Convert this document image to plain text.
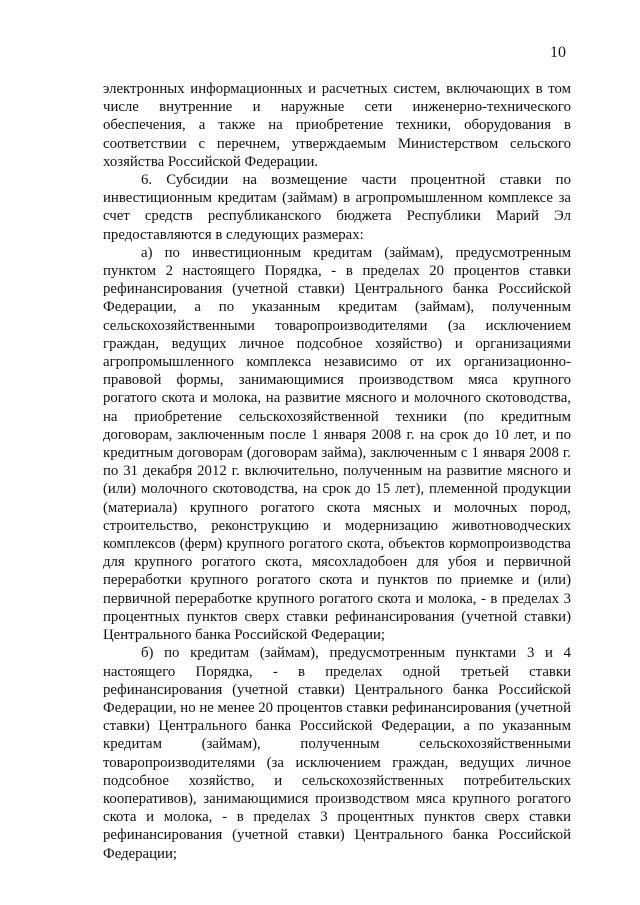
10

электронных информационных и расчетных систем, включающих в том числе внутренние и наружные сети инженерно-технического обеспечения, а также на приобретение техники, оборудования в соответствии с перечнем, утверждаемым Министерством сельского хозяйства Российской Федерации.

6. Субсидии на возмещение части процентной ставки по инвестиционным кредитам (займам) в агропромышленном комплексе за счет средств республиканского бюджета Республики Марий Эл предоставляются в следующих размерах:

а) по инвестиционным кредитам (займам), предусмотренным пунктом 2 настоящего Порядка, - в пределах 20 процентов ставки рефинансирования (учетной ставки) Центрального банка Российской Федерации, а по указанным кредитам (займам), полученным сельскохозяйственными товаропроизводителями (за исключением граждан, ведущих личное подсобное хозяйство) и организациями агропромышленного комплекса независимо от их организационно-правовой формы, занимающимися производством мяса крупного рогатого скота и молока, на развитие мясного и молочного скотоводства, на приобретение сельскохозяйственной техники (по кредитным договорам, заключенным после 1 января 2008 г. на срок до 10 лет, и по кредитным договорам (договорам займа), заключенным с 1 января 2008 г. по 31 декабря 2012 г. включительно, полученным на развитие мясного и (или) молочного скотоводства, на срок до 15 лет), племенной продукции (материала) крупного рогатого скота мясных и молочных пород, строительство, реконструкцию и модернизацию животноводческих комплексов (ферм) крупного рогатого скота, объектов кормопроизводства для крупного рогатого скота, мясохладобоен для убоя и первичной переработки крупного рогатого скота и пунктов по приемке и (или) первичной переработке крупного рогатого скота и молока, - в пределах 3 процентных пунктов сверх ставки рефинансирования (учетной ставки) Центрального банка Российской Федерации;

б) по кредитам (займам), предусмотренным пунктами 3 и 4 настоящего Порядка, - в пределах одной третьей ставки рефинансирования (учетной ставки) Центрального банка Российской Федерации, но не менее 20 процентов ставки рефинансирования (учетной ставки) Центрального банка Российской Федерации, а по указанным кредитам (займам), полученным сельскохозяйственными товаропроизводителями (за исключением граждан, ведущих личное подсобное хозяйство, и сельскохозяйственных потребительских кооперативов), занимающимися производством мяса крупного рогатого скота и молока, - в пределах 3 процентных пунктов сверх ставки рефинансирования (учетной ставки) Центрального банка Российской Федерации;
